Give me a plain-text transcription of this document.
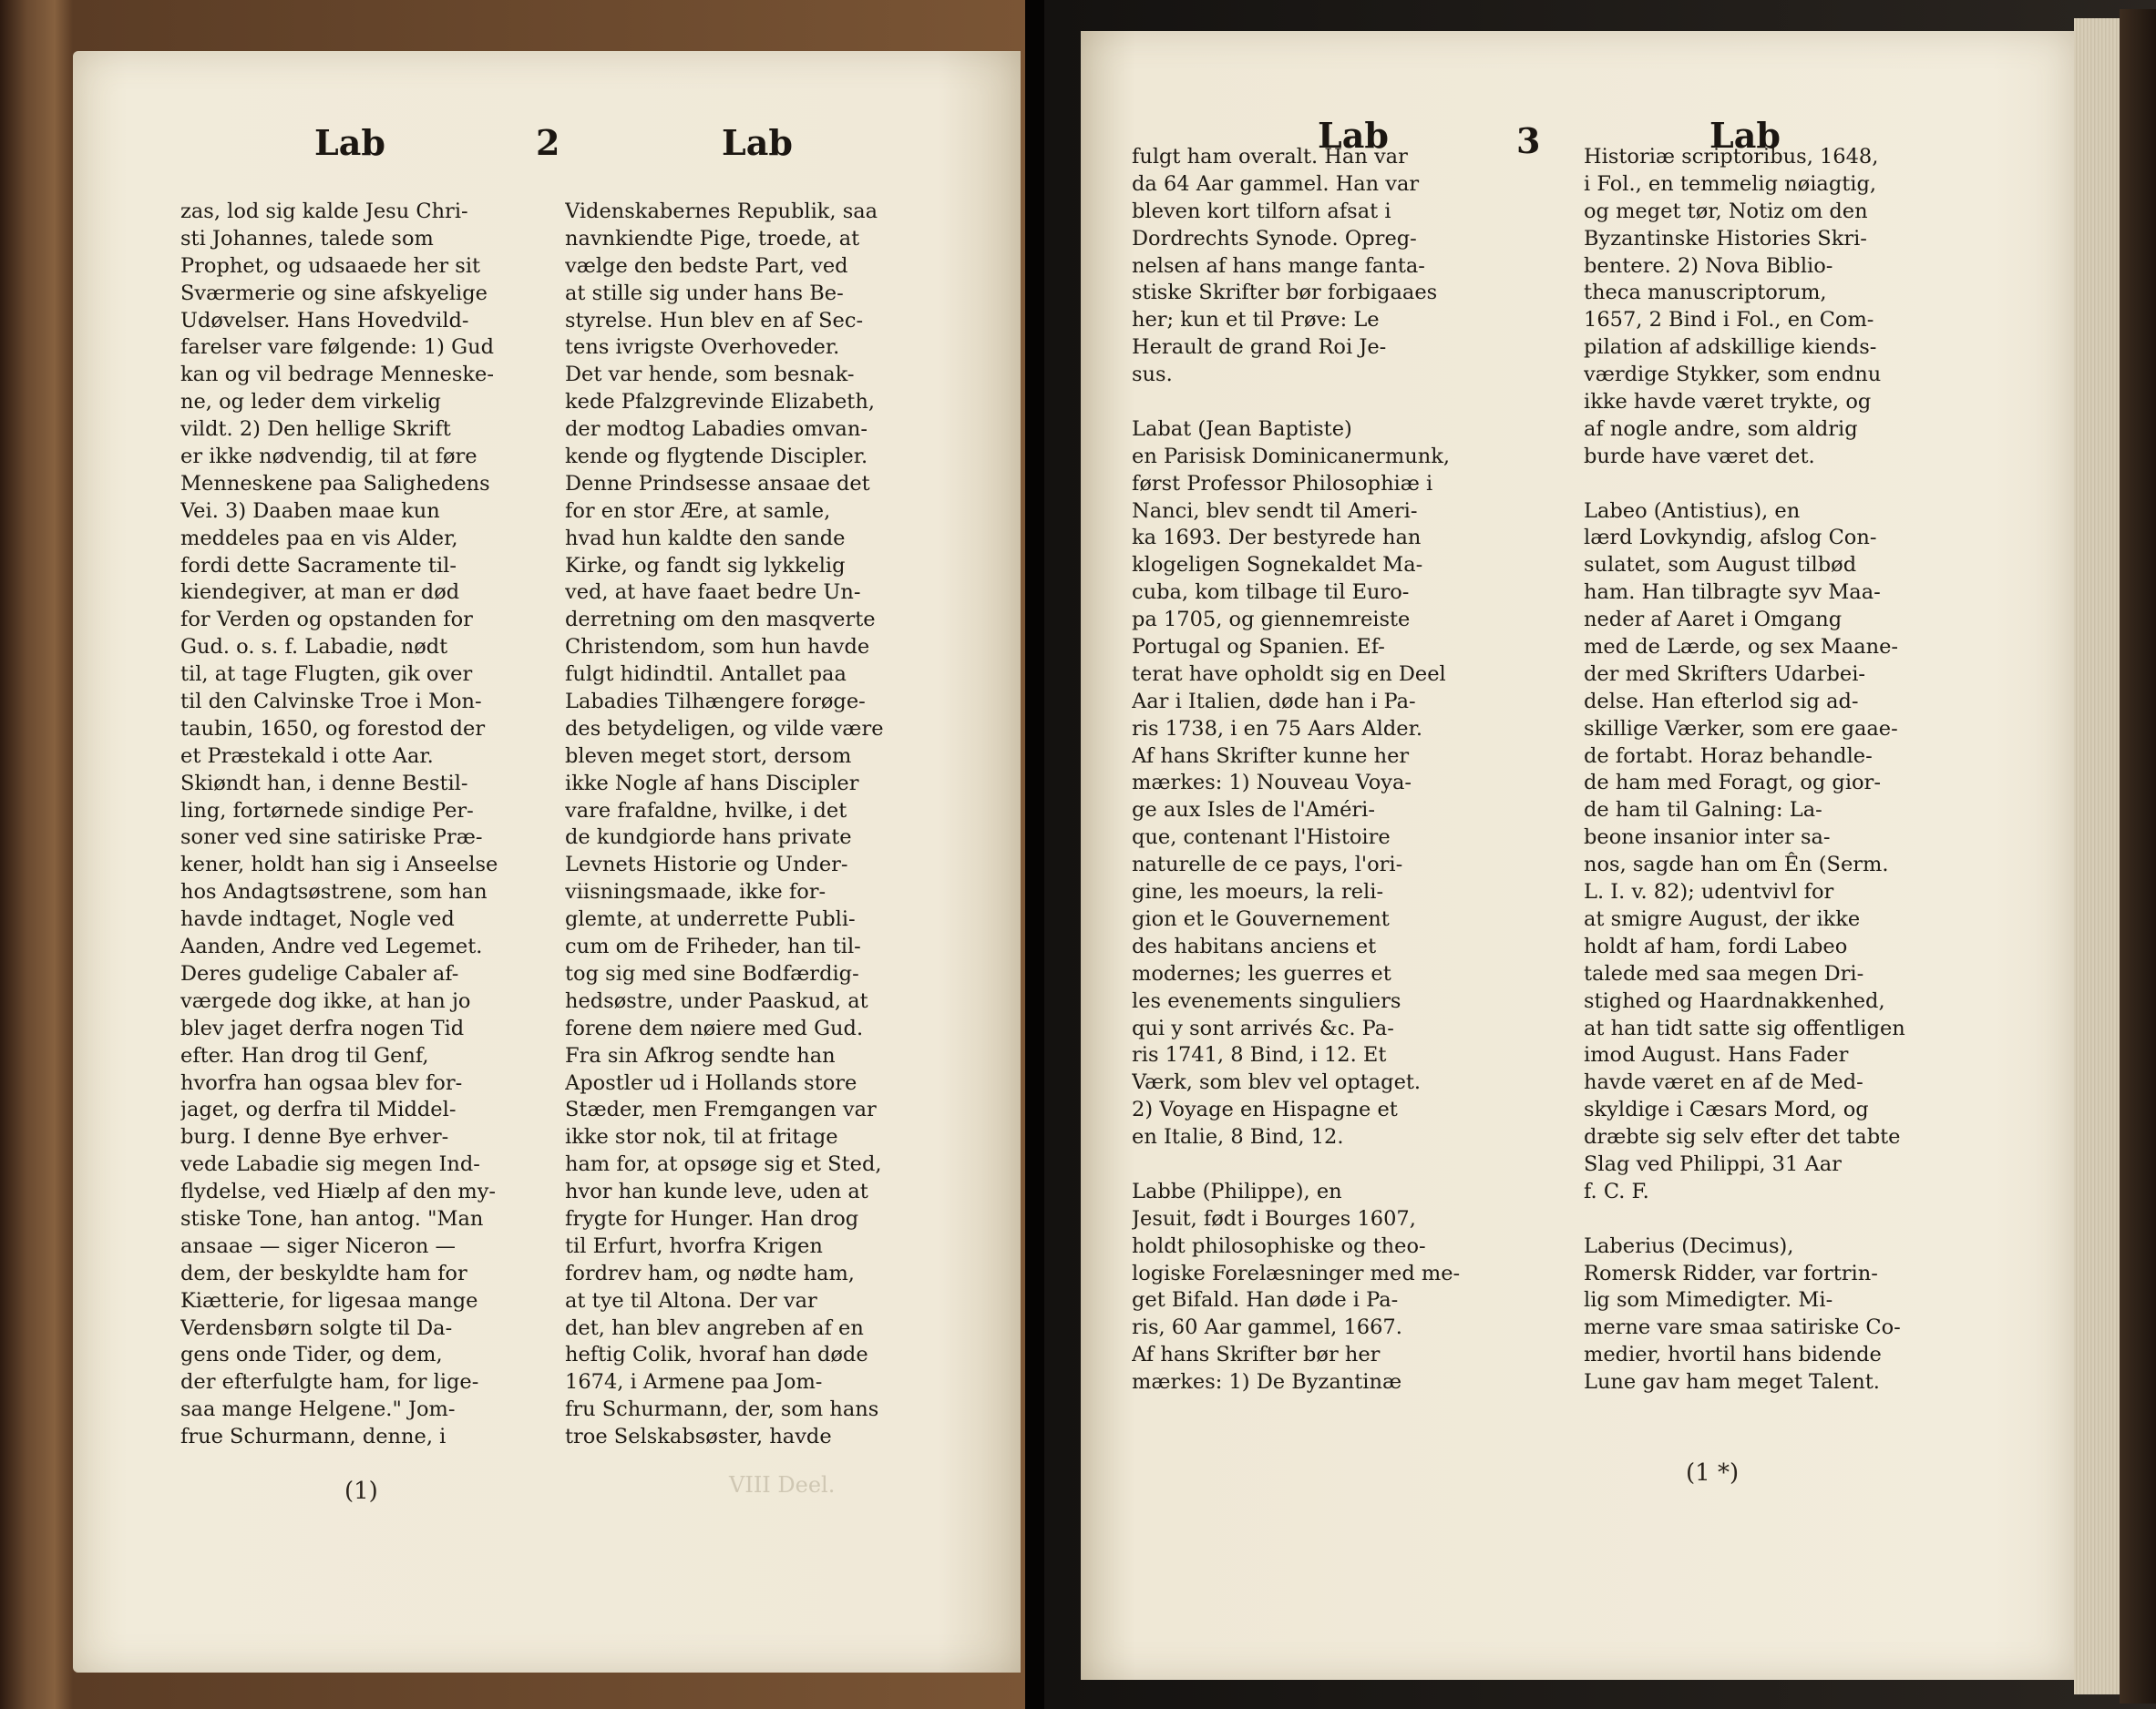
Lab	2	Lab
zas, lod sig kalde Jesu Chri-
sti Johannes, talede som
Prophet, og udsaaede her sit
Sværmerie og sine afskyelige
Udøvelser. Hans Hovedvild-
farelser vare følgende: 1) Gud
kan og vil bedrage Menneske-
ne, og leder dem virkelig
vildt. 2) Den hellige Skrift
er ikke nødvendig, til at føre
Menneskene paa Salighedens
Vei. 3) Daaben maae kun
meddeles paa en vis Alder,
fordi dette Sacramente til-
kiendegiver, at man er død
for Verden og opstanden for
Gud. o. s. f. Labadie, nødt
til, at tage Flugten, gik over
til den Calvinske Troe i Mon-
taubin, 1650, og forestod der
et Præstekald i otte Aar.
Skiøndt han, i denne Bestil-
ling, fortørnede sindige Per-
soner ved sine satiriske Præ-
kener, holdt han sig i Anseelse
hos Andagtsøstrene, som han
havde indtaget, Nogle ved
Aanden, Andre ved Legemet.
Deres gudelige Cabaler af-
værgede dog ikke, at han jo
blev jaget derfra nogen Tid
efter. Han drog til Genf,
hvorfra han ogsaa blev for-
jaget, og derfra til Middel-
burg. I denne Bye erhver-
vede Labadie sig megen Ind-
flydelse, ved Hiælp af den my-
stiske Tone, han antog. "Man
ansaae — siger Niceron —
dem, der beskyldte ham for
Kiætterie, for ligesaa mange
Verdensbørn solgte til Da-
gens onde Tider, og dem,
der efterfulgte ham, for lige-
saa mange Helgene." Jom-
frue Schurmann, denne, i
Videnskabernes Republik, saa
navnkiendte Pige, troede, at
vælge den bedste Part, ved
at stille sig under hans Be-
styrelse. Hun blev en af Sec-
tens ivrigste Overhoveder.
Det var hende, som besnak-
kede Pfalzgrevinde Elizabeth,
der modtog Labadies omvan-
kende og flygtende Discipler.
Denne Prindsesse ansaae det
for en stor Ære, at samle,
hvad hun kaldte den sande
Kirke, og fandt sig lykkelig
ved, at have faaet bedre Un-
derretning om den masqverte
Christendom, som hun havde
fulgt hidindtil. Antallet paa
Labadies Tilhængere forøge-
des betydeligen, og vilde være
bleven meget stort, dersom
ikke Nogle af hans Discipler
vare frafaldne, hvilke, i det
de kundgiorde hans private
Levnets Historie og Under-
viisningsmaade, ikke for-
glemte, at underrette Publi-
cum om de Friheder, han til-
tog sig med sine Bodfærdig-
hedsøstre, under Paaskud, at
forene dem nøiere med Gud.
Fra sin Afkrog sendte han
Apostler ud i Hollands store
Stæder, men Fremgangen var
ikke stor nok, til at fritage
ham for, at opsøge sig et Sted,
hvor han kunde leve, uden at
frygte for Hunger. Han drog
til Erfurt, hvorfra Krigen
fordrev ham, og nødte ham,
at tye til Altona. Der var
det, han blev angreben af en
heftig Colik, hvoraf han døde
1674, i Armene paa Jom-
fru Schurmann, der, som hans
troe Selskabsøster, havde
(1)	VIII Deel.
Lab	3	Lab
fulgt ham overalt. Han var
da 64 Aar gammel. Han var
bleven kort tilforn afsat i
Dordrechts Synode. Opreg-
nelsen af hans mange fanta-
stiske Skrifter bør forbigaaes
her; kun et til Prøve: Le
Herault de grand Roi Je-
sus.
Labat (Jean Baptiste)
en Parisisk Dominicanermunk,
først Professor Philosophiæ i
Nanci, blev sendt til Ameri-
ka 1693. Der bestyrede han
klogeligen Sognekaldet Ma-
cuba, kom tilbage til Euro-
pa 1705, og giennemreiste
Portugal og Spanien. Ef-
terat have opholdt sig en Deel
Aar i Italien, døde han i Pa-
ris 1738, i en 75 Aars Alder.
Af hans Skrifter kunne her
mærkes: 1) Nouveau Voya-
ge aux Isles de l'Améri-
que, contenant l'Histoire
naturelle de ce pays, l'ori-
gine, les moeurs, la reli-
gion et le Gouvernement
des habitans anciens et
modernes; les guerres et
les evenements singuliers
qui y sont arrivés &c. Pa-
ris 1741, 8 Bind, i 12. Et
Værk, som blev vel optaget.
2) Voyage en Hispagne et
en Italie, 8 Bind, 12.
Labbe (Philippe), en
Jesuit, født i Bourges 1607,
holdt philosophiske og theo-
logiske Forelæsninger med me-
get Bifald. Han døde i Pa-
ris, 60 Aar gammel, 1667.
Af hans Skrifter bør her
mærkes: 1) De Byzantinæ
Historiæ scriptoribus, 1648,
i Fol., en temmelig nøiagtig,
og meget tør, Notiz om den
Byzantinske Histories Skri-
bentere. 2) Nova Biblio-
theca manuscriptorum,
1657, 2 Bind i Fol., en Com-
pilation af adskillige kiends-
værdige Stykker, som endnu
ikke havde været trykte, og
af nogle andre, som aldrig
burde have været det.
Labeo (Antistius), en
lærd Lovkyndig, afslog Con-
sulatet, som August tilbød
ham. Han tilbragte syv Maa-
neder af Aaret i Omgang
med de Lærde, og sex Maane-
der med Skrifters Udarbei-
delse. Han efterlod sig ad-
skillige Værker, som ere gaae-
de fortabt. Horaz behandle-
de ham med Foragt, og gior-
de ham til Galning: La-
beone insanior inter sa-
nos, sagde han om Ên (Serm.
L. I. v. 82); udentvivl for
at smigre August, der ikke
holdt af ham, fordi Labeo
talede med saa megen Dri-
stighed og Haardnakkenhed,
at han tidt satte sig offentligen
imod August. Hans Fader
havde været en af de Med-
skyldige i Cæsars Mord, og
dræbte sig selv efter det tabte
Slag ved Philippi, 31 Aar
f. C. F.
Laberius (Decimus),
Romersk Ridder, var fortrin-
lig som Mimedigter. Mi-
merne vare smaa satiriske Co-
medier, hvortil hans bidende
Lune gav ham meget Talent.
(1 *)
